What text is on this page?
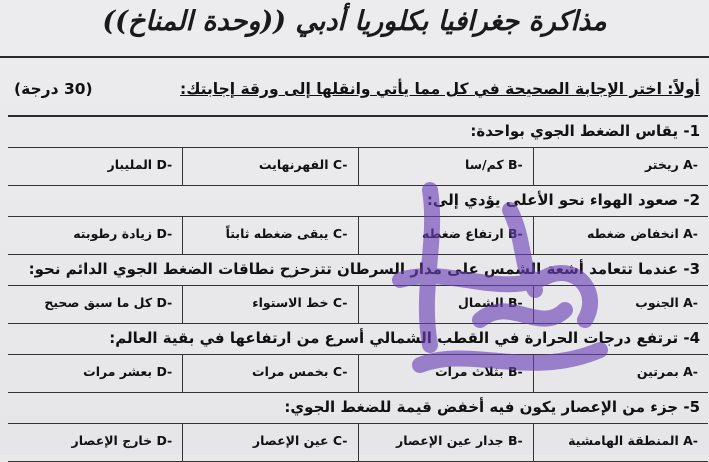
مذاكرة جغرافيا بكلوريا أدبي ((وحدة المناخ))
أولاً: اختر الإجابة الصحيحة في كل مما يأتي وانقلها إلى ورقة إجابتك:
(30 درجة)
1- يقاس الضغط الجوي بواحدة:
A- ريختر
B- كم/سا
C- الفهرنهايت
D- المليبار
2- صعود الهواء نحو الأعلى يؤدي إلى:
A- انخفاض ضغطه
B- ارتفاع ضغطه
C- يبقى ضغطه ثابتاً
D- زيادة رطوبته
3- عندما تتعامد أشعة الشمس على مدار السرطان تتزحزح نطاقات الضغط الجوي الدائم نحو:
A- الجنوب
B- الشمال
C- خط الاستواء
D- كل ما سبق صحيح
4- ترتفع درجات الحرارة في القطب الشمالي أسرع من ارتفاعها في بقية العالم:
A- بمرتين
B- بثلاث مرات
C- بخمس مرات
D- بعشر مرات
5- جزء من الإعصار يكون فيه أخفض قيمة للضغط الجوي:
A- المنطقة الهامشية
B- جدار عين الإعصار
C- عين الإعصار
D- خارج الإعصار
